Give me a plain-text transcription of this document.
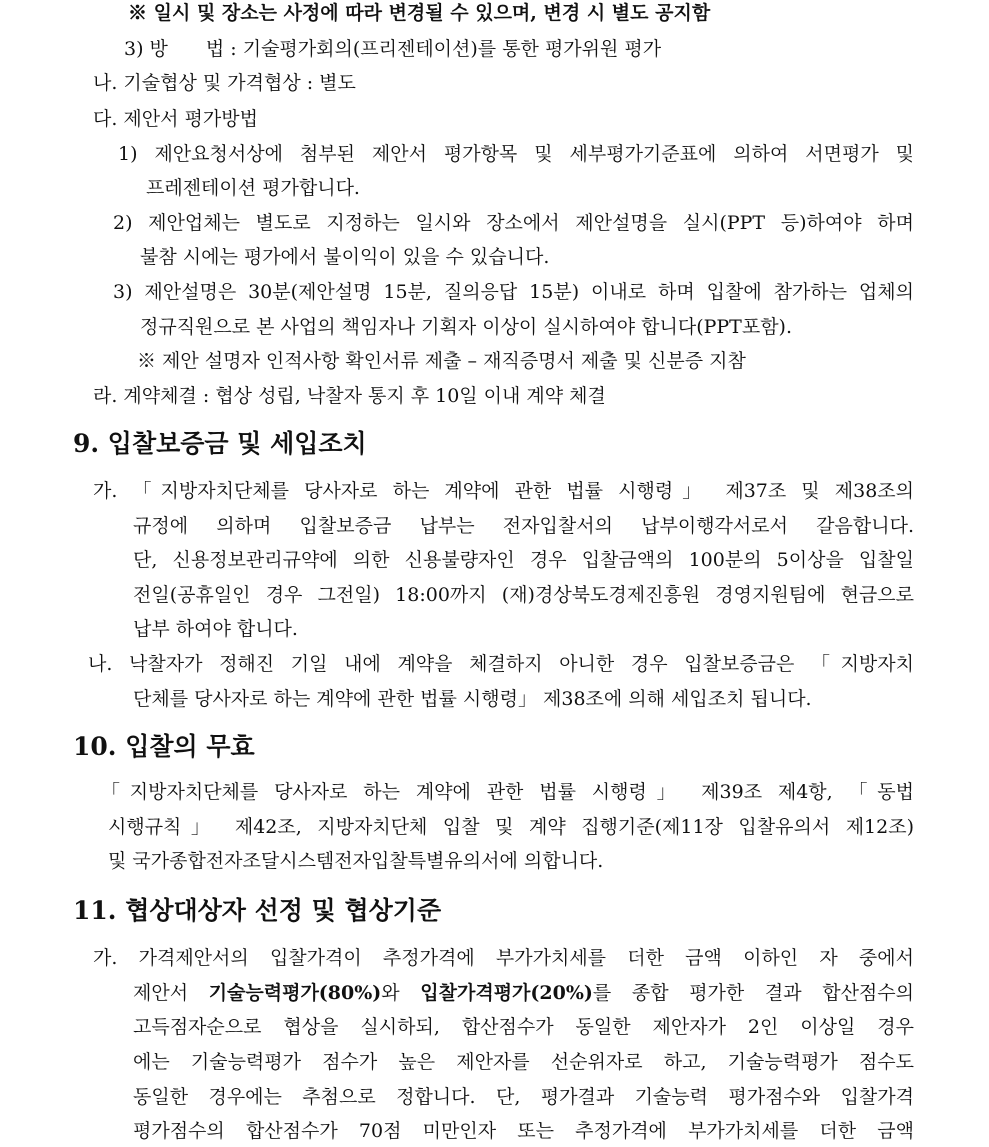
※ 일시 및 장소는 사정에 따라 변경될 수 있으며, 변경 시 별도 공지함
3) 방　　법 : 기술평가회의(프리젠테이션)를 통한 평가위원 평가
나. 기술협상 및 가격협상 : 별도
다. 제안서 평가방법
1) 제안요청서상에 첨부된 제안서 평가항목 및 세부평가기준표에 의하여 서면평가 및
프레젠테이션 평가합니다.
2) 제안업체는 별도로 지정하는 일시와 장소에서 제안설명을 실시(PPT 등)하여야 하며
불참 시에는 평가에서 불이익이 있을 수 있습니다.
3) 제안설명은 30분(제안설명 15분, 질의응답 15분) 이내로 하며 입찰에 참가하는 업체의
정규직원으로 본 사업의 책임자나 기획자 이상이 실시하여야 합니다(PPT포함).
※ 제안 설명자 인적사항 확인서류 제출 – 재직증명서 제출 및 신분증 지참
라. 계약체결 : 협상 성립, 낙찰자 통지 후 10일 이내 계약 체결
9. 입찰보증금 및 세입조치
가. 「지방자치단체를 당사자로 하는 계약에 관한 법률 시행령」 제37조 및 제38조의
규정에 의하며 입찰보증금 납부는 전자입찰서의 납부이행각서로서 갈음합니다.
단, 신용정보관리규약에 의한 신용불량자인 경우 입찰금액의 100분의 5이상을 입찰일
전일(공휴일인 경우 그전일) 18:00까지 (재)경상북도경제진흥원 경영지원팀에 현금으로
납부 하여야 합니다.
나. 낙찰자가 정해진 기일 내에 계약을 체결하지 아니한 경우 입찰보증금은 「지방자치
단체를 당사자로 하는 계약에 관한 법률 시행령」 제38조에 의해 세입조치 됩니다.
10. 입찰의 무효
「지방자치단체를 당사자로 하는 계약에 관한 법률 시행령」 제39조 제4항, 「동법
시행규칙」 제42조, 지방자치단체 입찰 및 계약 집행기준(제11장 입찰유의서 제12조)
및 국가종합전자조달시스템전자입찰특별유의서에 의합니다.
11. 협상대상자 선정 및 협상기준
가. 가격제안서의 입찰가격이 추정가격에 부가가치세를 더한 금액 이하인 자 중에서
제안서 기술능력평가(80%)와 입찰가격평가(20%)를 종합 평가한 결과 합산점수의
고득점자순으로 협상을 실시하되, 합산점수가 동일한 제안자가 2인 이상일 경우
에는 기술능력평가 점수가 높은 제안자를 선순위자로 하고, 기술능력평가 점수도
동일한 경우에는 추첨으로 정합니다. 단, 평가결과 기술능력 평가점수와 입찰가격
평가점수의 합산점수가 70점 미만인자 또는 추정가격에 부가가치세를 더한 금액
